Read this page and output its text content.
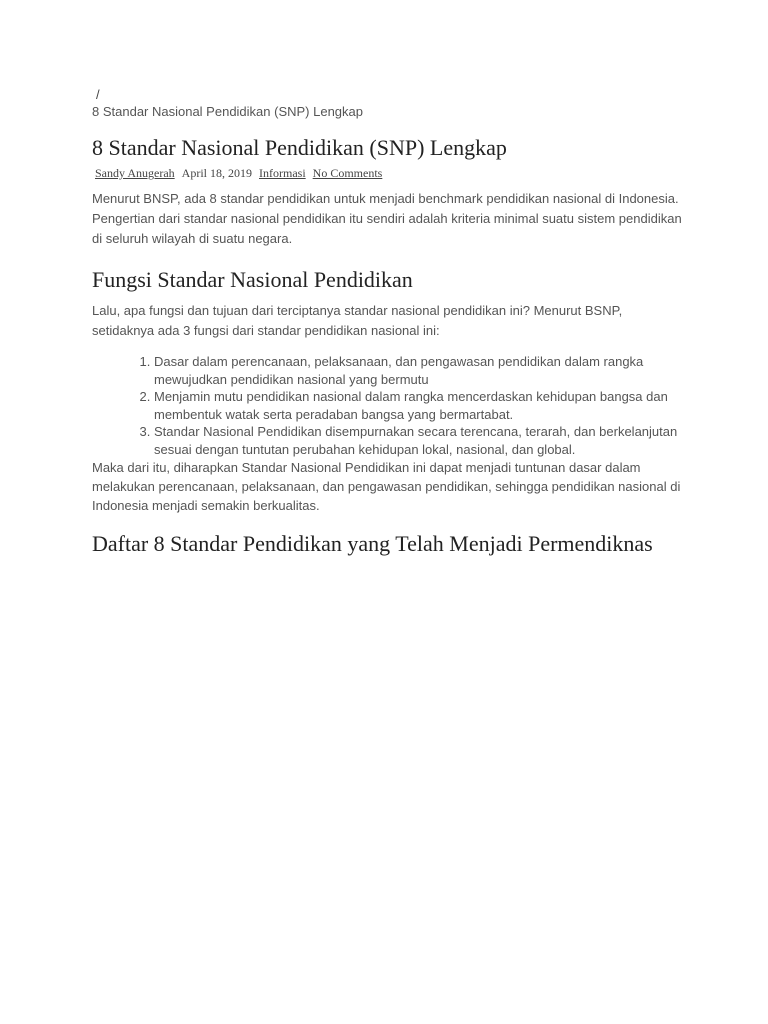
/
8 Standar Nasional Pendidikan (SNP) Lengkap
8 Standar Nasional Pendidikan (SNP) Lengkap
Sandy Anugerah April 18, 2019 Informasi No Comments

Menurut BNSP, ada 8 standar pendidikan untuk menjadi benchmark pendidikan nasional di Indonesia. Pengertian dari standar nasional pendidikan itu sendiri adalah kriteria minimal suatu sistem pendidikan di seluruh wilayah di suatu negara.

Fungsi Standar Nasional Pendidikan

Lalu, apa fungsi dan tujuan dari terciptanya standar nasional pendidikan ini? Menurut BSNP, setidaknya ada 3 fungsi dari standar pendidikan nasional ini:

1. Dasar dalam perencanaan, pelaksanaan, dan pengawasan pendidikan dalam rangka mewujudkan pendidikan nasional yang bermutu
2. Menjamin mutu pendidikan nasional dalam rangka mencerdaskan kehidupan bangsa dan membentuk watak serta peradaban bangsa yang bermartabat.
3. Standar Nasional Pendidikan disempurnakan secara terencana, terarah, dan berkelanjutan sesuai dengan tuntutan perubahan kehidupan lokal, nasional, dan global.

Maka dari itu, diharapkan Standar Nasional Pendidikan ini dapat menjadi tuntunan dasar dalam melakukan perencanaan, pelaksanaan, dan pengawasan pendidikan, sehingga pendidikan nasional di Indonesia menjadi semakin berkualitas.

Daftar 8 Standar Pendidikan yang Telah Menjadi Permendiknas
